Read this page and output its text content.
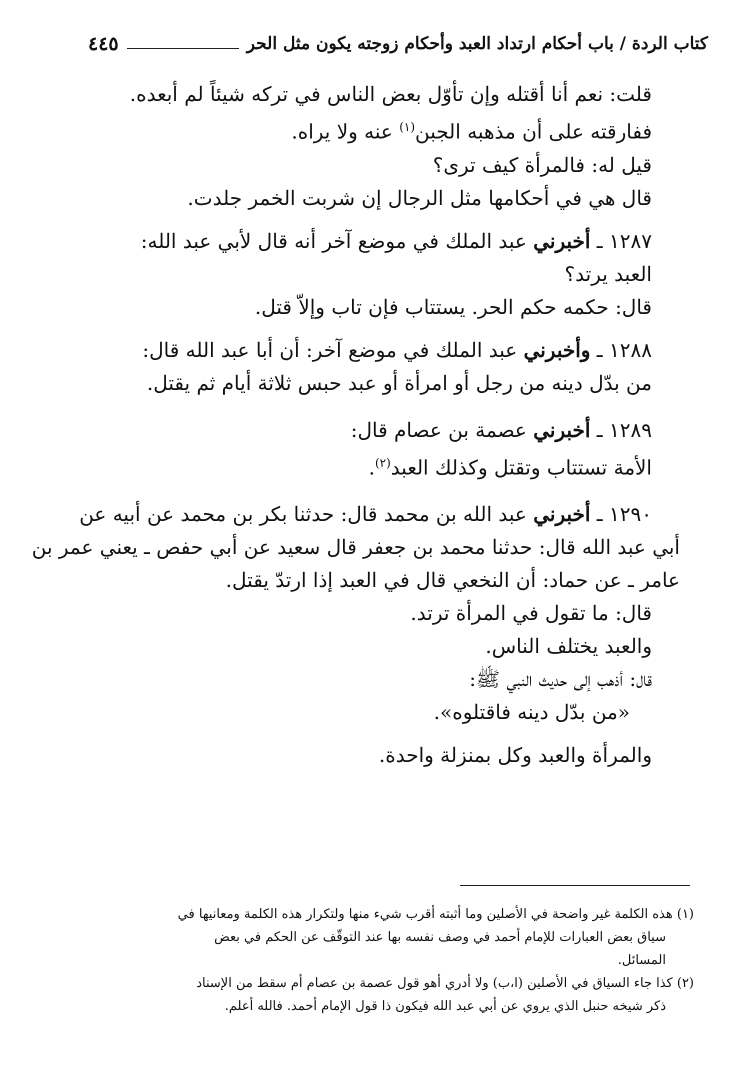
كتاب الردة / باب أحكام ارتداد العبد وأحكام زوجته يكون مثل الحر
٤٤٥
قلت: نعم أنا أقتله وإن تأوّل بعض الناس في تركه شيئاً لم أبعده.
ففارقته على أن مذهبه الجبن$^{(١)}$ عنه ولا يراه.
قيل له: فالمرأة كيف ترى؟
قال هي في أحكامها مثل الرجال إن شربت الخمر جلدت.
١٢٨٧ ـ أخبرني عبد الملك في موضع آخر أنه قال لأبي عبد الله:
العبد يرتد؟
قال: حكمه حكم الحر. يستتاب فإن تاب وإلاّ قتل.
١٢٨٨ ـ وأخبرني عبد الملك في موضع آخر: أن أبا عبد الله قال:
من بدّل دينه من رجل أو امرأة أو عبد حبس ثلاثة أيام ثم يقتل.
١٢٨٩ ـ أخبرني عصمة بن عصام قال:
الأمة تستتاب وتقتل وكذلك العبد$^{(٢)}$.
١٢٩٠ ـ أخبرني عبد الله بن محمد قال: حدثنا بكر بن محمد عن أبيه عن
أبي عبد الله قال: حدثنا محمد بن جعفر قال سعيد عن أبي حفص ـ يعني عمر بن
عامر ـ عن حماد: أن النخعي قال في العبد إذا ارتدّ يقتل.
قال: ما تقول في المرأة ترتد.
والعبد يختلف الناس.
قال: أذهب إلى حديث النبي ﷺ:
«من بدّل دينه فاقتلوه».
والمرأة والعبد وكل بمنزلة واحدة.
(١) هذه الكلمة غير واضحة في الأصلين وما أثبته أقرب شيء منها ولتكرار هذه الكلمة ومعانيها في
سياق بعض العبارات للإمام أحمد في وصف نفسه بها عند التوقّف عن الحكم في بعض
المسائل.
(٢) كذا جاء السياق في الأصلين (ا،ب) ولا أدري أهو قول عصمة بن عصام أم سقط من الإسناد
ذكر شيخه حنبل الذي يروي عن أبي عبد الله فيكون ذا قول الإمام أحمد. فالله أعلم.
